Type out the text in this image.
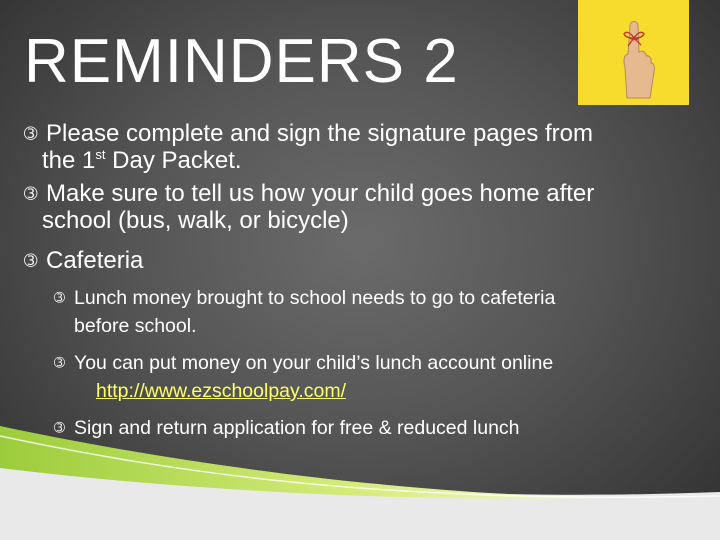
REMINDERS 2
➂ Please complete and sign the signature pages from
the 1st Day Packet.
➂ Make sure to tell us how your child goes home after
school (bus, walk, or bicycle)
➂ Cafeteria
➂ Lunch money brought to school needs to go to cafeteria
before school.
➂ You can put money on your child’s lunch account online
http://www.ezschoolpay.com/
➂ Sign and return application for free & reduced lunch
